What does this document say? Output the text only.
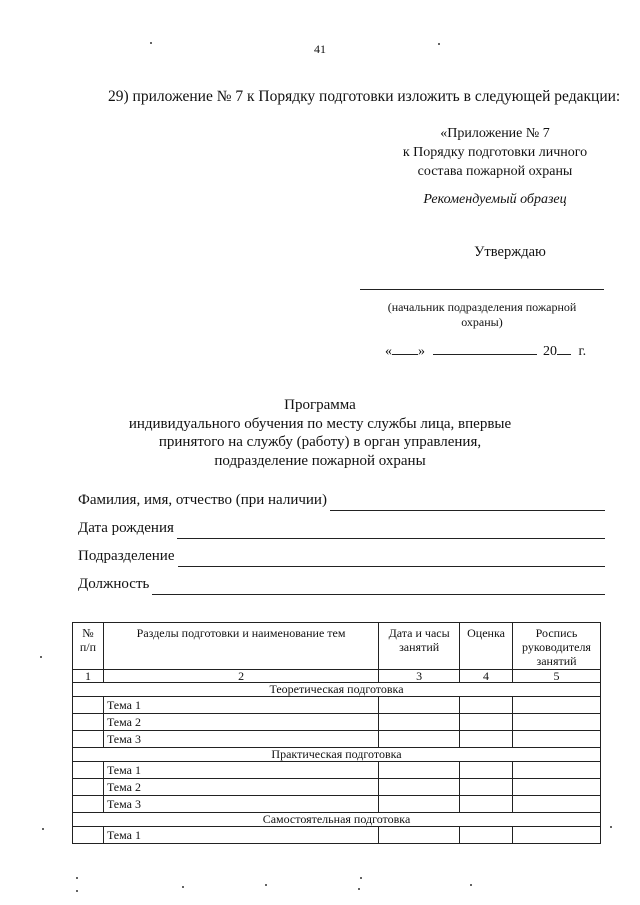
41
29) приложение № 7 к Порядку подготовки изложить в следующей редакции:
«Приложение № 7
к Порядку подготовки личного
состава пожарной охраны
Рекомендуемый образец
Утверждаю
(начальник подразделения пожарной охраны)
« »	20 г.
Программа
индивидуального обучения по месту службы лица, впервые
принятого на службу (работу) в орган управления,
подразделение пожарной охраны
Фамилия, имя, отчество (при наличии)
Дата рождения
Подразделение
Должность
№ п/п	Разделы подготовки и наименование тем	Дата и часы занятий	Оценка	Роспись руководителя занятий
1	2	3	4	5
Теоретическая подготовка				
	Тема 1			
	Тема 2			
	Тема 3			
Практическая подготовка				
	Тема 1			
	Тема 2			
	Тема 3			
Самостоятельная подготовка				
	Тема 1			
